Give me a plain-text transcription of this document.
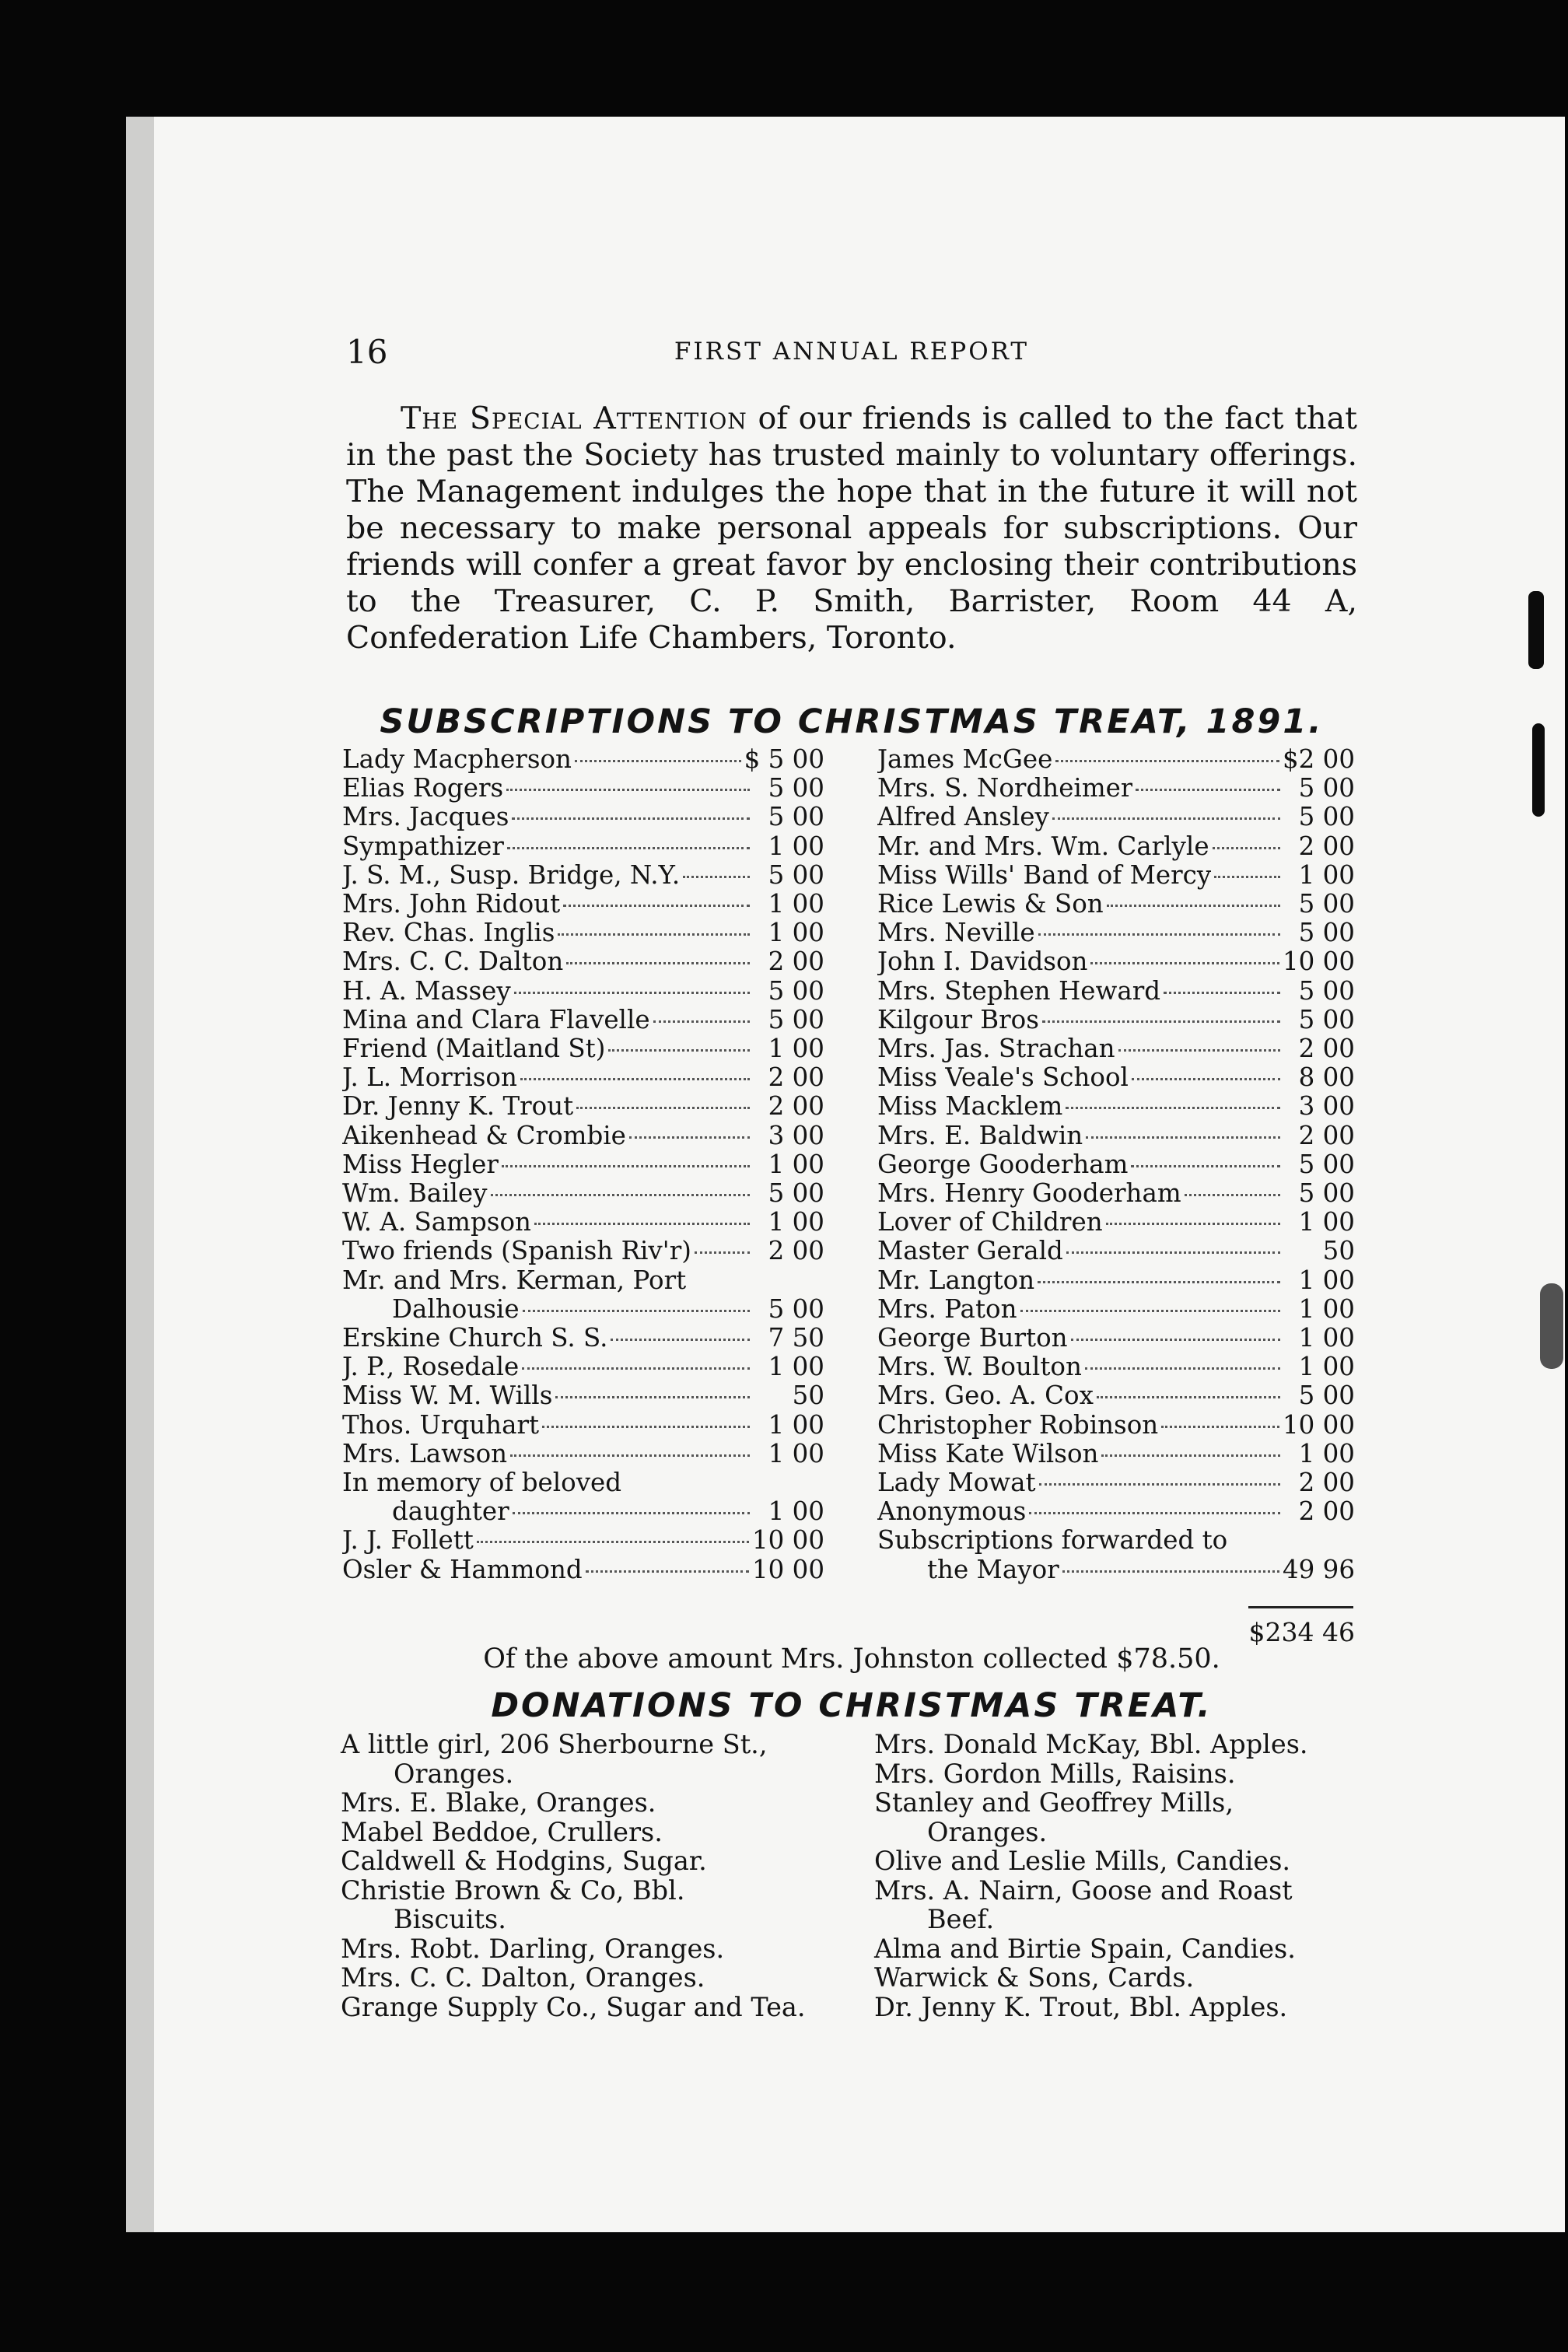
16	FIRST ANNUAL REPORT

The Special Attention of our friends is called to the fact that in the past the Society has trusted mainly to voluntary offerings. The Management indulges the hope that in the future it will not be necessary to make personal appeals for subscriptions. Our friends will confer a great favor by enclosing their contributions to the Treasurer, C. P. Smith, Barrister, Room 44 A, Confederation Life Chambers, Toronto.

SUBSCRIPTIONS TO CHRISTMAS TREAT, 1891.
Lady Macpherson	$ 5 00
Elias Rogers	5 00
Mrs. Jacques	5 00
Sympathizer	1 00
J. S. M., Susp. Bridge, N.Y.	5 00
Mrs. John Ridout	1 00
Rev. Chas. Inglis	1 00
Mrs. C. C. Dalton	2 00
H. A. Massey	5 00
Mina and Clara Flavelle	5 00
Friend (Maitland St)	1 00
J. L. Morrison	2 00
Dr. Jenny K. Trout	2 00
Aikenhead & Crombie	3 00
Miss Hegler	1 00
Wm. Bailey	5 00
W. A. Sampson	1 00
Two friends (Spanish Riv'r)	2 00
Mr. and Mrs. Kerman, Port
Dalhousie	5 00
Erskine Church S. S.	7 50
J. P., Rosedale	1 00
Miss W. M. Wills	50
Thos. Urquhart	1 00
Mrs. Lawson	1 00
In memory of beloved
daughter	1 00
J. J. Follett	10 00
Osler & Hammond	10 00
James McGee	$2 00
Mrs. S. Nordheimer	5 00
Alfred Ansley	5 00
Mr. and Mrs. Wm. Carlyle	2 00
Miss Wills' Band of Mercy	1 00
Rice Lewis & Son	5 00
Mrs. Neville	5 00
John I. Davidson	10 00
Mrs. Stephen Heward	5 00
Kilgour Bros	5 00
Mrs. Jas. Strachan	2 00
Miss Veale's School	8 00
Miss Macklem	3 00
Mrs. E. Baldwin	2 00
George Gooderham	5 00
Mrs. Henry Gooderham	5 00
Lover of Children	1 00
Master Gerald	50
Mr. Langton	1 00
Mrs. Paton	1 00
George Burton	1 00
Mrs. W. Boulton	1 00
Mrs. Geo. A. Cox	5 00
Christopher Robinson	10 00
Miss Kate Wilson	1 00
Lady Mowat	2 00
Anonymous	2 00
Subscriptions forwarded to
the Mayor	49 96
$234 46

Of the above amount Mrs. Johnston collected $78.50.

DONATIONS TO CHRISTMAS TREAT.
A little girl, 206 Sherbourne St.,
Oranges.
Mrs. E. Blake, Oranges.
Mabel Beddoe, Crullers.
Caldwell & Hodgins, Sugar.
Christie Brown & Co, Bbl.
Biscuits.
Mrs. Robt. Darling, Oranges.
Mrs. C. C. Dalton, Oranges.
Grange Supply Co., Sugar and Tea.
Mrs. Donald McKay, Bbl. Apples.
Mrs. Gordon Mills, Raisins.
Stanley and Geoffrey Mills,
Oranges.
Olive and Leslie Mills, Candies.
Mrs. A. Nairn, Goose and Roast
Beef.
Alma and Birtie Spain, Candies.
Warwick & Sons, Cards.
Dr. Jenny K. Trout, Bbl. Apples.
